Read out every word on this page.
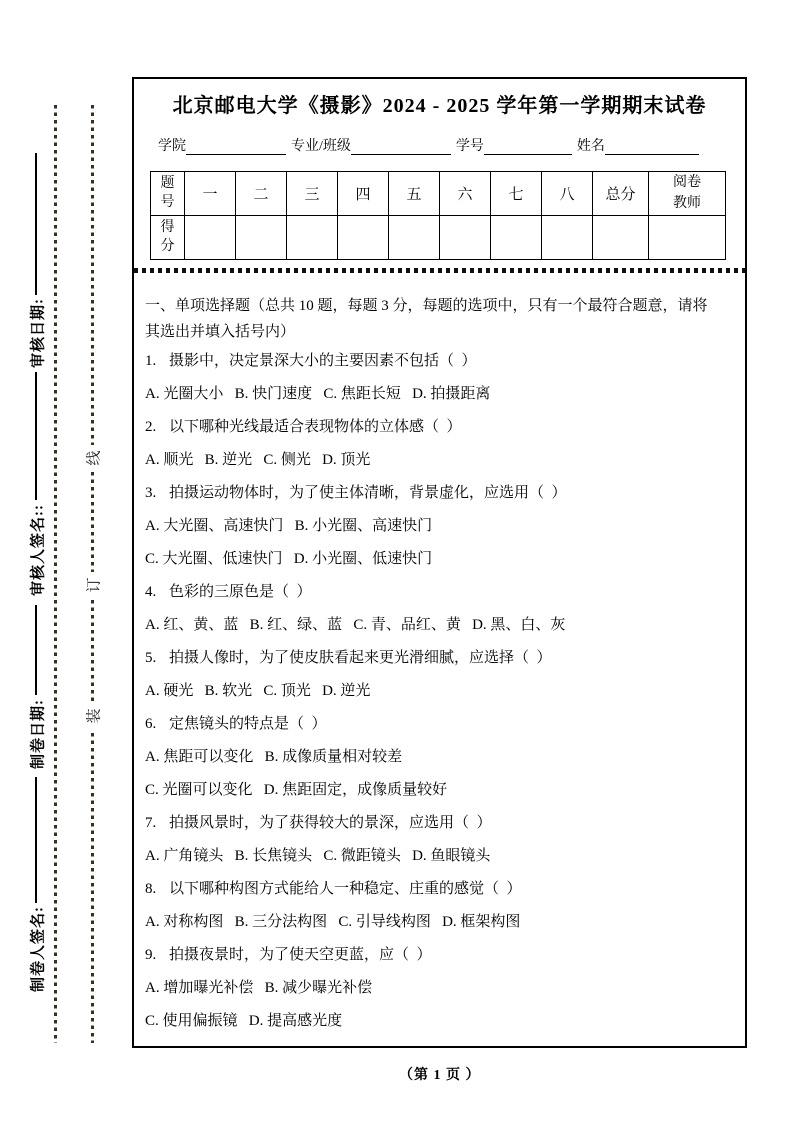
审核日期:
审核人签名::
制卷日期:
制卷人签名:
线
订
装
北京邮电大学《摄影》2024 - 2025 学年第一学期期末试卷
学院	专业/班级	学号	姓名
题号	一	二	三	四	五	六	七	八	总分	阅卷教师

得分										

一、单项选择题（总共 10 题，每题 3 分，每题的选项中，只有一个最符合题意，请将

其选出并填入括号内）

1. 摄影中，决定景深大小的主要因素不包括（  ）

A. 光圈大小   B. 快门速度   C. 焦距长短   D. 拍摄距离

2. 以下哪种光线最适合表现物体的立体感（  ）

A. 顺光   B. 逆光   C. 侧光   D. 顶光

3. 拍摄运动物体时，为了使主体清晰，背景虚化，应选用（  ）

A. 大光圈、高速快门   B. 小光圈、高速快门

C. 大光圈、低速快门   D. 小光圈、低速快门

4. 色彩的三原色是（  ）

A. 红、黄、蓝   B. 红、绿、蓝   C. 青、品红、黄   D. 黑、白、灰

5. 拍摄人像时，为了使皮肤看起来更光滑细腻，应选择（  ）

A. 硬光   B. 软光   C. 顶光   D. 逆光

6. 定焦镜头的特点是（  ）

A. 焦距可以变化   B. 成像质量相对较差

C. 光圈可以变化   D. 焦距固定，成像质量较好

7. 拍摄风景时，为了获得较大的景深，应选用（  ）

A. 广角镜头   B. 长焦镜头   C. 微距镜头   D. 鱼眼镜头

8. 以下哪种构图方式能给人一种稳定、庄重的感觉（  ）

A. 对称构图   B. 三分法构图   C. 引导线构图   D. 框架构图

9. 拍摄夜景时，为了使天空更蓝，应（  ）

A. 增加曝光补偿   B. 减少曝光补偿

C. 使用偏振镜   D. 提高感光度

（第 1 页 ）
